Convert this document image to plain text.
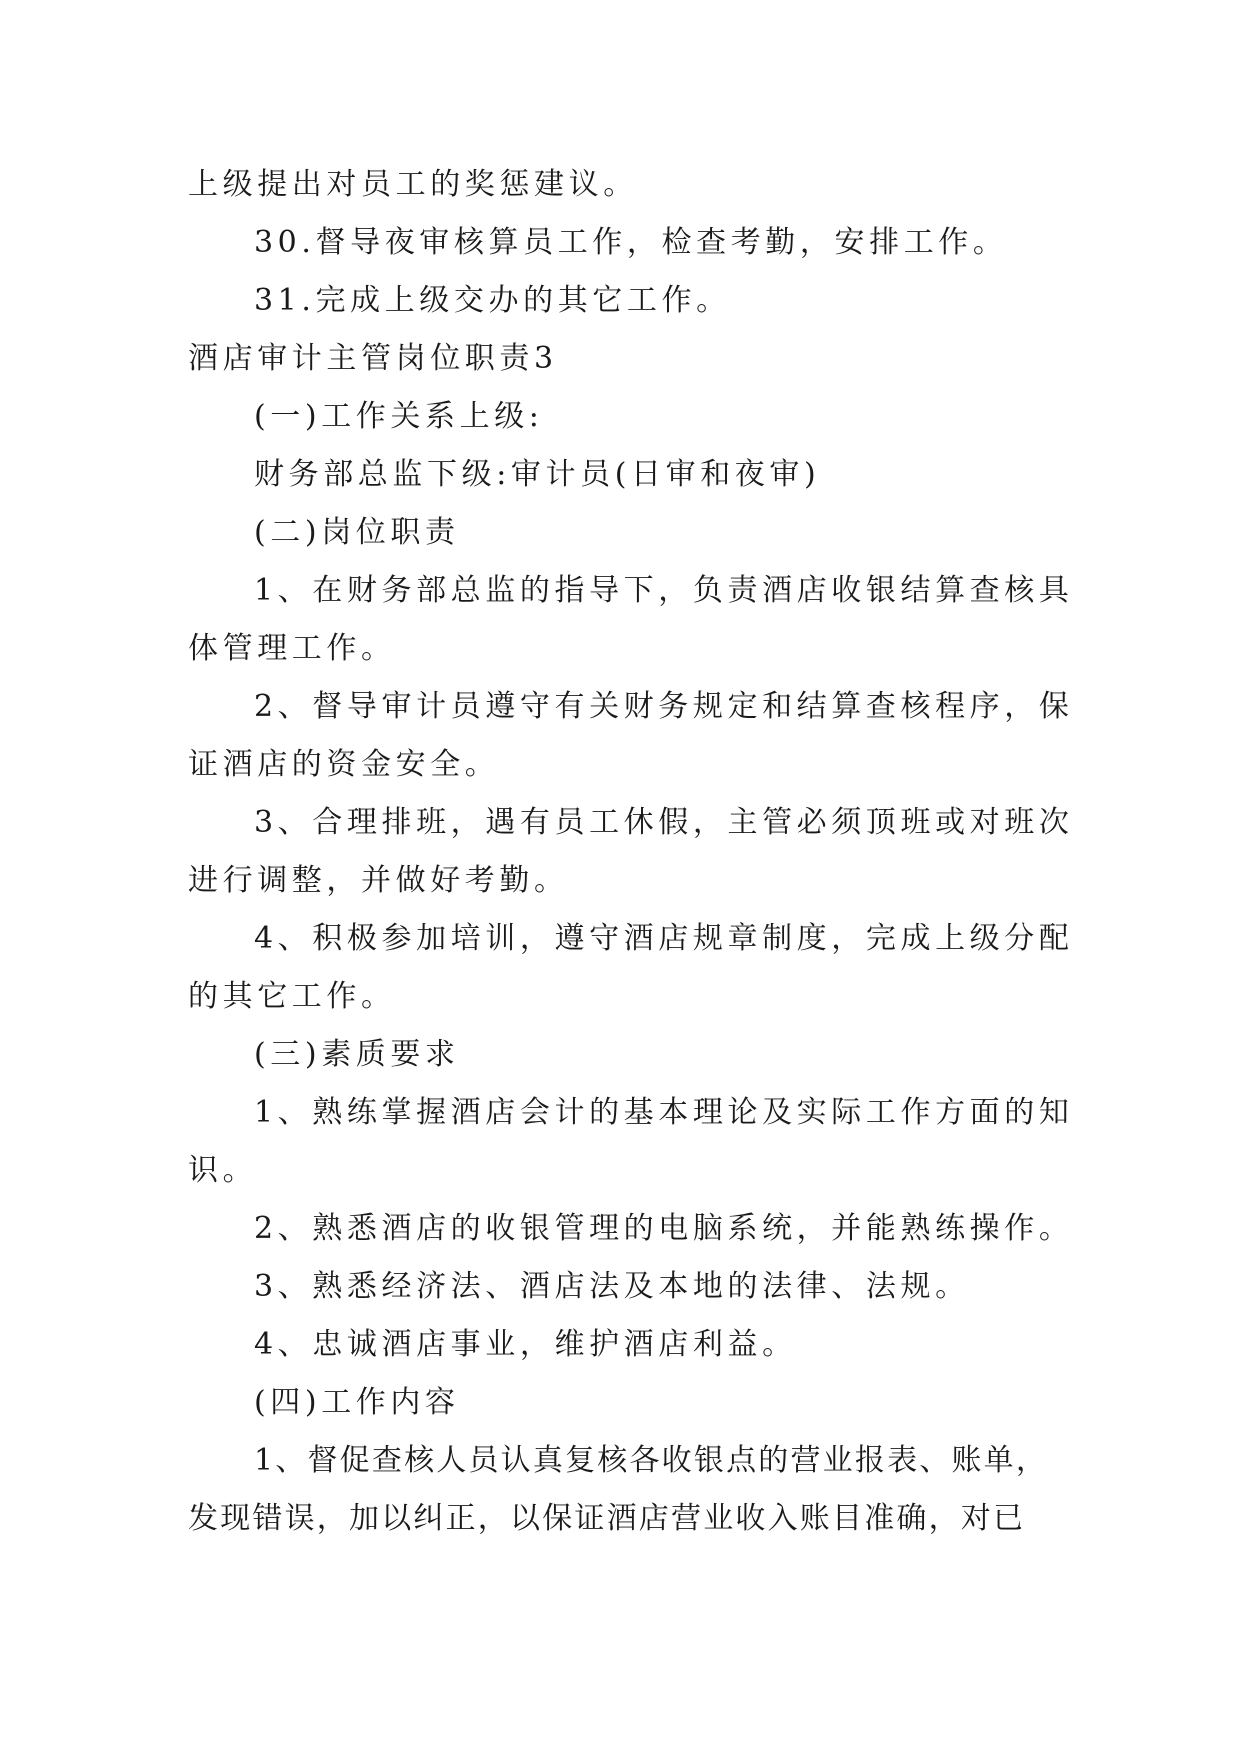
上级提出对员工的奖惩建议。
30.督导夜审核算员工作，检查考勤，安排工作。
31.完成上级交办的其它工作。
酒店审计主管岗位职责3
(一)工作关系上级:
财务部总监下级:审计员(日审和夜审)
(二)岗位职责
1、在财务部总监的指导下，负责酒店收银结算查核具
体管理工作。
2、督导审计员遵守有关财务规定和结算查核程序，保
证酒店的资金安全。
3、合理排班，遇有员工休假，主管必须顶班或对班次
进行调整，并做好考勤。
4、积极参加培训，遵守酒店规章制度，完成上级分配
的其它工作。
(三)素质要求
1、熟练掌握酒店会计的基本理论及实际工作方面的知
识。
2、熟悉酒店的收银管理的电脑系统，并能熟练操作。
3、熟悉经济法、酒店法及本地的法律、法规。
4、忠诚酒店事业，维护酒店利益。
(四)工作内容
1、督促查核人员认真复核各收银点的营业报表、账单，
发现错误，加以纠正，以保证酒店营业收入账目准确，对已
